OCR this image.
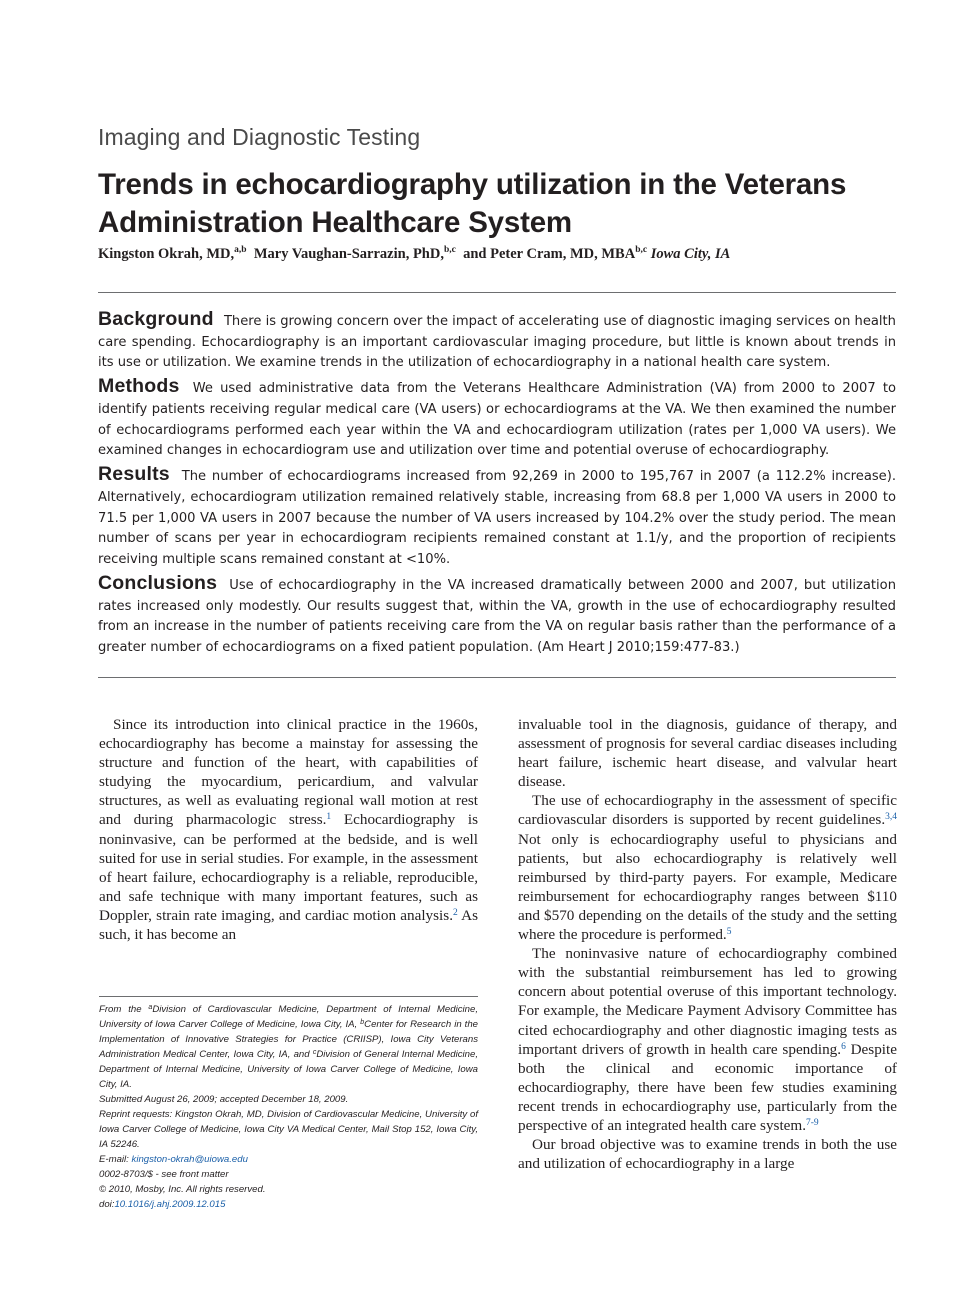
Imaging and Diagnostic Testing
Trends in echocardiography utilization in the Veterans Administration Healthcare System
Kingston Okrah, MD,$^{a,b}$ Mary Vaughan-Sarrazin, PhD,$^{b,c}$ and Peter Cram, MD, MBA$^{b,c}$ Iowa City, IA

Background There is growing concern over the impact of accelerating use of diagnostic imaging services on health care spending. Echocardiography is an important cardiovascular imaging procedure, but little is known about trends in its use or utilization. We examine trends in the utilization of echocardiography in a national health care system.

Methods We used administrative data from the Veterans Healthcare Administration (VA) from 2000 to 2007 to identify patients receiving regular medical care (VA users) or echocardiograms at the VA. We then examined the number of echocardiograms performed each year within the VA and echocardiogram utilization (rates per 1,000 VA users). We examined changes in echocardiogram use and utilization over time and potential overuse of echocardiography.

Results The number of echocardiograms increased from 92,269 in 2000 to 195,767 in 2007 (a 112.2% increase). Alternatively, echocardiogram utilization remained relatively stable, increasing from 68.8 per 1,000 VA users in 2000 to 71.5 per 1,000 VA users in 2007 because the number of VA users increased by 104.2% over the study period. The mean number of scans per year in echocardiogram recipients remained constant at 1.1/y, and the proportion of recipients receiving multiple scans remained constant at <10%.

Conclusions Use of echocardiography in the VA increased dramatically between 2000 and 2007, but utilization rates increased only modestly. Our results suggest that, within the VA, growth in the use of echocardiography resulted from an increase in the number of patients receiving care from the VA on regular basis rather than the performance of a greater number of echocardiograms on a fixed patient population. (Am Heart J 2010;159:477-83.)

Since its introduction into clinical practice in the 1960s, echocardiography has become a mainstay for assessing the structure and function of the heart, with capabilities of studying the myocardium, pericardium, and valvular structures, as well as evaluating regional wall motion at rest and during pharmacologic stress.$^1$ Echocardiography is noninvasive, can be performed at the bedside, and is well suited for use in serial studies. For example, in the assessment of heart failure, echocardiography is a reliable, reproducible, and safe technique with many important features, such as Doppler, strain rate imaging, and cardiac motion analysis.$^2$ As such, it has become an

From the $^a$Division of Cardiovascular Medicine, Department of Internal Medicine, University of Iowa Carver College of Medicine, Iowa City, IA, $^b$Center for Research in the Implementation of Innovative Strategies for Practice (CRIISP), Iowa City Veterans Administration Medical Center, Iowa City, IA, and $^c$Division of General Internal Medicine, Department of Internal Medicine, University of Iowa Carver College of Medicine, Iowa City, IA.
Submitted August 26, 2009; accepted December 18, 2009.
Reprint requests: Kingston Okrah, MD, Division of Cardiovascular Medicine, University of Iowa Carver College of Medicine, Iowa City VA Medical Center, Mail Stop 152, Iowa City, IA 52246.
E-mail: kingston-okrah@uiowa.edu
0002-8703/$ - see front matter
© 2010, Mosby, Inc. All rights reserved.
doi:10.1016/j.ahj.2009.12.015

invaluable tool in the diagnosis, guidance of therapy, and assessment of prognosis for several cardiac diseases including heart failure, ischemic heart disease, and valvular heart disease.

The use of echocardiography in the assessment of specific cardiovascular disorders is supported by recent guidelines.$^{3,4}$ Not only is echocardiography useful to physicians and patients, but also echocardiography is relatively well reimbursed by third-party payers. For example, Medicare reimbursement for echocardiography ranges between $110 and $570 depending on the details of the study and the setting where the procedure is performed.$^5$

The noninvasive nature of echocardiography combined with the substantial reimbursement has led to growing concern about potential overuse of this important technology. For example, the Medicare Payment Advisory Committee has cited echocardiography and other diagnostic imaging tests as important drivers of growth in health care spending.$^6$ Despite both the clinical and economic importance of echocardiography, there have been few studies examining recent trends in echocardiography use, particularly from the perspective of an integrated health care system.$^{7-9}$

Our broad objective was to examine trends in both the use and utilization of echocardiography in a large
